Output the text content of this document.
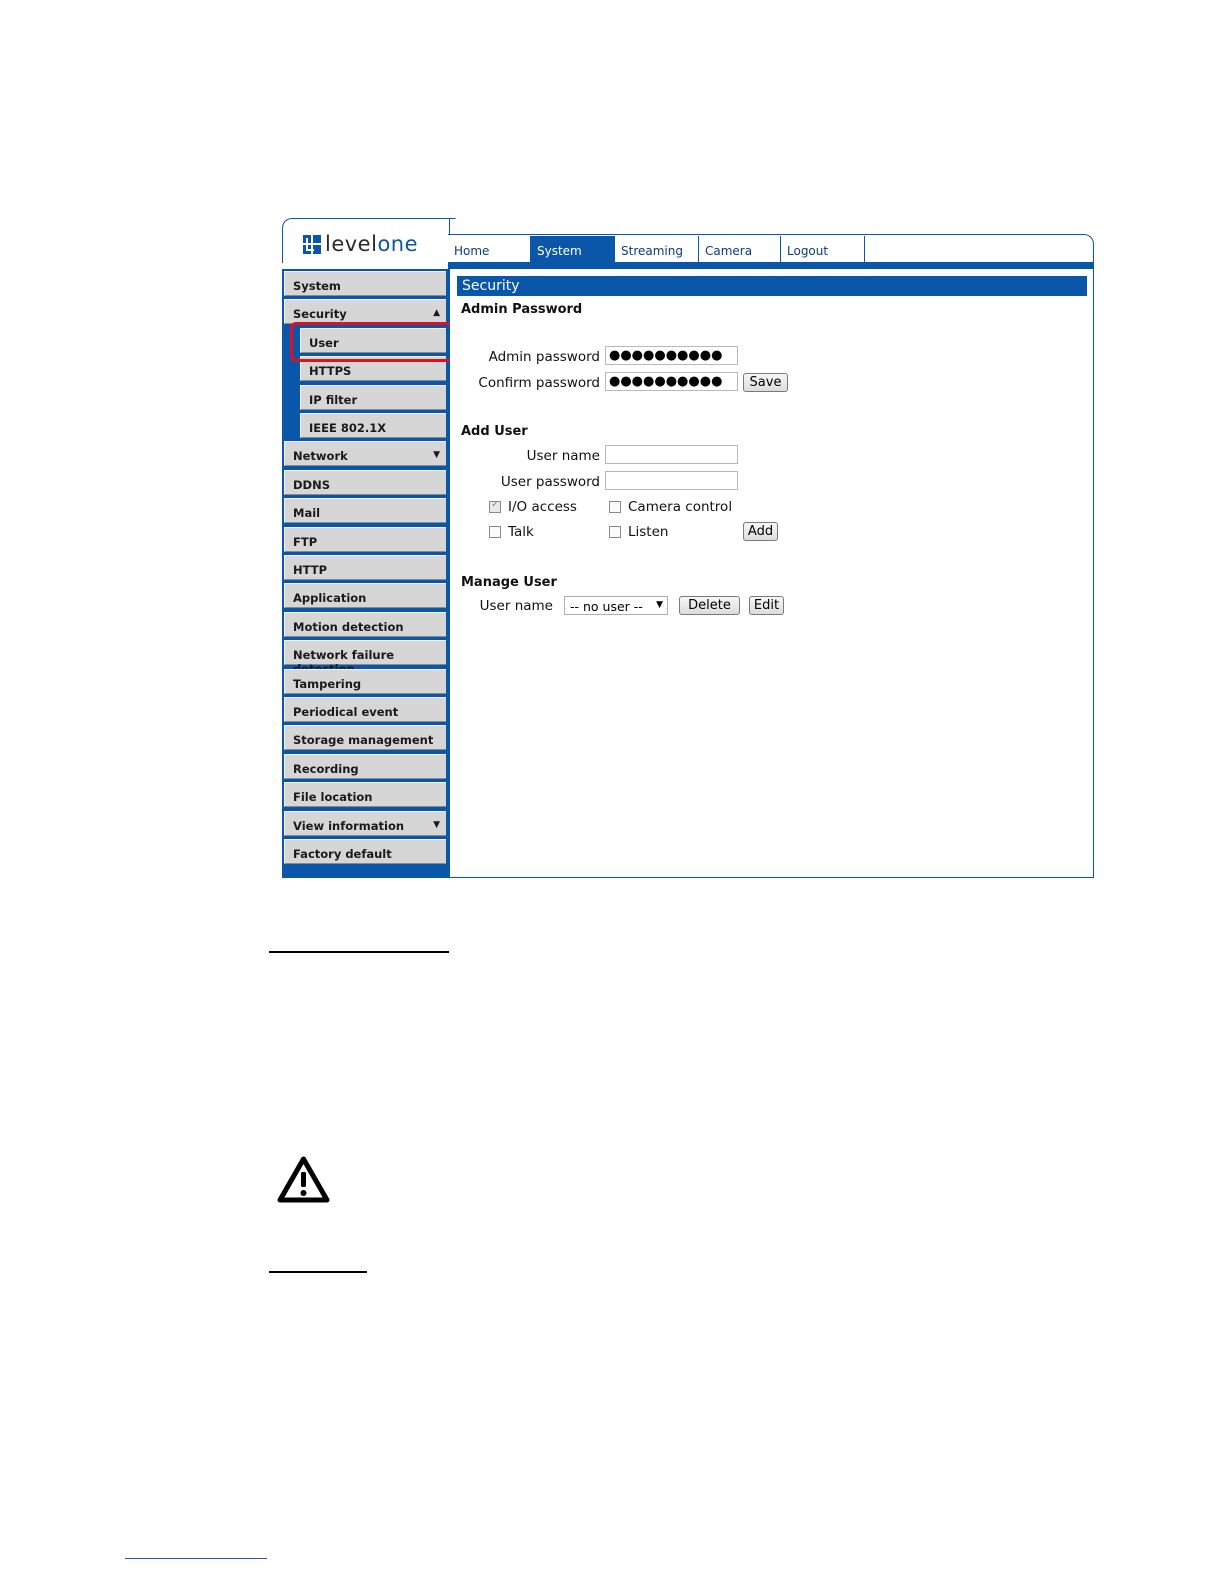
levelone	Home	System	Streaming	Camera	Logout
System
Security	▲
User
HTTPS
IP filter
IEEE 802.1X
Network	▼
DDNS
Mail
FTP
HTTP
Application
Motion detection
Network failure
Tampering
Periodical event
Storage management
Recording
File location
View information	▼
Factory default
Security
Admin Password
Admin password ●●●●●●●●●●
Confirm password ●●●●●●●●●●	Save
Add User
User name
User password
✓
I/O access	Camera control
Talk	Listen	Add
Manage User
User name	-- no user -- ▼	Delete	Edit
